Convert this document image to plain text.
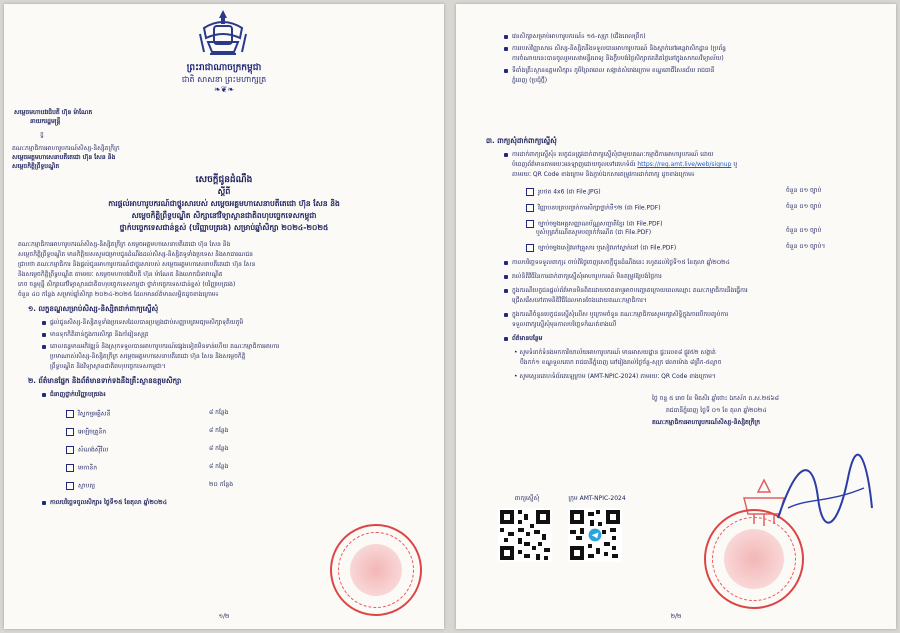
ព្រះរាជាណាចក្រកម្ពុជា
ជាតិ សាសនា ព្រះមហាក្សត្រ
❧❦❧
សម្ដេចមហាបវរធិបតី ហ៊ុន ម៉ាណែត
នាយករដ្ឋមន្ត្រី
ទី
គណៈកម្មាធិការអាហារូបករណ៍សិស្ស-និស្សិតក្រីក្រ
សម្ដេចអគ្គមហាសេនាបតីតេជោ ហ៊ុន សែន និង
សម្ដេចកិត្តិព្រឹទ្ធបណ្ឌិត
សេចក្ដីជូនដំណឹង
ស្តីពី
ការផ្តល់អាហារូបករណ៍ជាថ្នូរសារបស់ សម្ដេចអគ្គមហាសេនាបតីតេជោ ហ៊ុន សែន និង
សម្ដេចកិត្តិព្រឹទ្ធបណ្ឌិត សិក្សានៅវិទ្យាស្ថានជាតិពហុបច្ចេកទេសកម្ពុជា
ថ្នាក់បច្ចេកទេសជាន់ខ្ពស់ (បរិញ្ញាបត្ររង) សម្រាប់ឆ្នាំសិក្សា ២០២៤-២០២៥
គណៈកម្មាធិការអាហារូបករណ៍សិស្ស-និស្សិតក្រីក្រ សម្ដេចអគ្គមហាសេនាបតីតេជោ ហ៊ុន សែន និង
សម្ដេចកិត្តិព្រឹទ្ធបណ្ឌិត មានកិត្តិយសសូមជម្រាបជូនដំណឹងដល់សិស្ស-និស្សិតទូទាំងប្រទេស និងសាធារណជន
ជ្រាបថា គណៈកម្មាធិការ និងផ្ដល់ជូនអាហារូបករណ៍ជាថ្នូរសារបស់ សម្ដេចអគ្គមហាសេនាបតីតេជោ ហ៊ុន សែន
និងសម្ដេចកិត្តិព្រឹទ្ធបណ្ឌិត តាមរយៈ សម្ដេចមហាបវរធិបតី ហ៊ុន ម៉ាណែត និងលោកជំទាវបណ្ឌិត
កេច ចន្ទមុន្នី សិក្សានៅវិទ្យាស្ថានជាតិពហុបច្ចេកទេសកម្ពុជា ថ្នាក់បច្ចេកទេសជាន់ខ្ពស់ (បរិញ្ញាបត្ររង)
ចំនួន ៤០ កន្លែង សម្រាប់ឆ្នាំសិក្សា ២០២៤-២០២៥ ដែលមានព័ត៌មានលម្អិតដូចខាងក្រោម៖
១. លក្ខខណ្ឌសម្រាប់សិស្ស-និស្សិតដាក់ពាក្យស្នើសុំ
ផ្ដល់ជូនសិស្ស-និស្សិតទូទាំងប្រទេសដែលបានប្រឡងជាប់សញ្ញាបត្រមធ្យមសិក្សាទុតិយភូមិ
មានទុកកិតិពាន់ក្នុងការសិក្សា និងកាំរៀនសូត្រ
គោលគន្ធមានអភិវឌ្ឍន៍ និងស្រុកទទួលបានអាហារូបករណ៍ផ្សេងទៀតមិនទាន់ហើយ គណៈកម្មាធិការអាហារ
ប្រមាណាស់សិស្ស-និស្សិតក្រីក្រ សម្ដេចអគ្គមហាសេនាបតីតេជោ ហ៊ុន សែន និងសម្ដេចកិត្តិ
ព្រឹទ្ធបណ្ឌិត និងវិទ្យាស្ថានជាតិពហុបច្ចេកទេសកម្ពុជា។
២. ព័ត៌មានផ្នែក និងព័ត៌មានទាក់ទងនឹងគ្រឹះស្ថានឧត្តមសិក្សា
ជំនាញថ្នាក់បរិញ្ញាបត្ររង៖
វិស្វកម្មអគ្គិសនី	៨ កន្លែង
អេឡិចត្រូនិក	៨ កន្លែង
សំណង់ស៊ីវិល	៨ កន្លែង
មេកានិក	៨ កន្លែង
ស្ថាបត្យ	២០ កន្លែង
កាលបរិច្ឆេទចូលសិក្សា៖ ថ្ងៃទី១៥ ខែតុលា ឆ្នាំ២០២៤
១/២
វេនសិក្សាសម្រាប់អាហារូបករណ៍៖ ១៥-សុក្រ (ជើងពេលព្រឹក)
ការរបស់វិញ្ញាសារ៖ សិស្ស-និស្សិតនឹងទទួលបានអាហារូបករណ៍ និងស្នាក់នៅអន្តេវាសិកដ្ឋាន (ប្រព័ន្ធ
ការចំណាយនេះបានចូលរួមសេវាមន្ទីរពេទ្យ និងក្លឹបបង់ថ្លៃសិក្សាឥតគិតថ្លៃនៅក្នុងសាកលវិទ្យាល័យ)
ទីតាំងគ្រឹះស្ថានឧត្តមសិក្សា៖ ភូមិព្រៃពពេល សង្កាត់សំរោងក្រោម ខណ្ឌពោធិ៍សែនជ័យ រាជធានី
ភ្នំពេញ (ប្រជុំថ្មី)
៣. ពាក្យសុំដាក់ពាក្យស្នើសុំ
ការដាក់ពាក្យស្នើសុំ៖ បេក្ខជនត្រូវដាក់ពាក្យស្នើសុំជាមួយគណៈកម្មាធិការអាហារូបករណ៍ ដោយ
បំពេញព័ត៌មានតាមរយៈអនឡាញដោយចូលទៅគេហទំព័រ https://reg.amt.live/web/signup ឬ
តាមរយៈ QR Code ខាងក្រោម និងភ្ជាប់ឯកសារតម្រូវការដាក់ពាក្យ ដូចខាងក្រោម៖
រូបថត 4x6 (ជា File.JPG)	ចំនួន ០១ ច្បាប់
វិញ្ញាបនបត្របញ្ជាក់ការសិក្សាថ្នាក់ទី១២ (ជា File.PDF)	ចំនួន ០១ ច្បាប់
ច្បាប់ចម្លងអត្តសញ្ញាណប័ណ្ណសញ្ជាតិខ្មែរ (ជា File.PDF)
ចំនួន ០១ ច្បាប់
ឬសំបុត្រកំណើតសូមបញ្ជាក់កំណើត (ជា File.PDF)
ច្បាប់ចម្លងសៀវភៅគ្រួសារ ឬសៀវភៅស្នាក់នៅ (ជា File.PDF)	ចំនួន ០១ ច្បាប់។
កាលបរិច្ឆេទទទួលពាក្យ៖ ចាប់ពីថ្ងៃចេញសេចក្ដីជូនដំណឹងនេះ រហូតដល់ថ្ងៃទី១៥ ខែតុលា ឆ្នាំ២០២៤
រាល់និតិវិធីនៃការដាក់ពាក្យស្នើសុំអាហារូបករណ៍ មិនតម្រូវឱ្យបង់ថ្លៃការ
ក្នុងករណីបេក្ខជនផ្ដល់ព័ត៌មានមិនពិតដោយចេតនាឬអាចបញ្ឆោតក្រោយពេលឈ្មោះ គណៈកម្មាធិការនឹងធ្វើការ
ជ្រើសរើសទៅតាមនិតិវិធីដែលមានចែងដោយគណៈកម្មាធិការ។
ក្នុងករណីចំនួនបេក្ខជនស្នើសុំលើស ឬក្រោមចំនួន គណៈកម្មាធិការសូមរក្សាសិទ្ធិក្នុងការបើកបញ្ចប់ការ
ទទួលពាក្យស្នើសុំមុនកាលបរិច្ឆេទកំណត់ខាងលើ
ព័ត៌មានបន្ថែម
• សូមទំនាក់ទំនងមកការិយាល័យអាហារូបករណ៍ មានអាសយដ្ឋាន ផ្ទះលេខ៨ ផ្លូវ៥២ សង្កាត់
បឹងកក់១ ខណ្ឌទួលគោក រាជធានីភ្នំពេញ នៅរៀងរាល់ថ្ងៃច័ន្ទ-សុក្រ វេលាម៉ោង ៨ព្រឹក-៥ល្ងាច
• សូមស្កេនគេហទំព័រតេឡេក្រាម (AMT-NPIC-2024) តាមរយៈ QR Code ខាងក្រោម។
ថ្ងៃ ចន្ទ ៥ រោច ខែ មិគសិរ ឆ្នាំថោះ ឯកស័ក ព.ស.២៥៦៨
រាជធានីភ្នំពេញ ថ្ងៃទី ០១ ខែ តុលា ឆ្នាំ២០២៤
គណៈកម្មាធិការអាហារូបករណ៍សិស្ស-និស្សិតក្រីក្រ
ពាក្យស្នើសុំ	ក្រុម AMT-NPIC-2024
២/២
